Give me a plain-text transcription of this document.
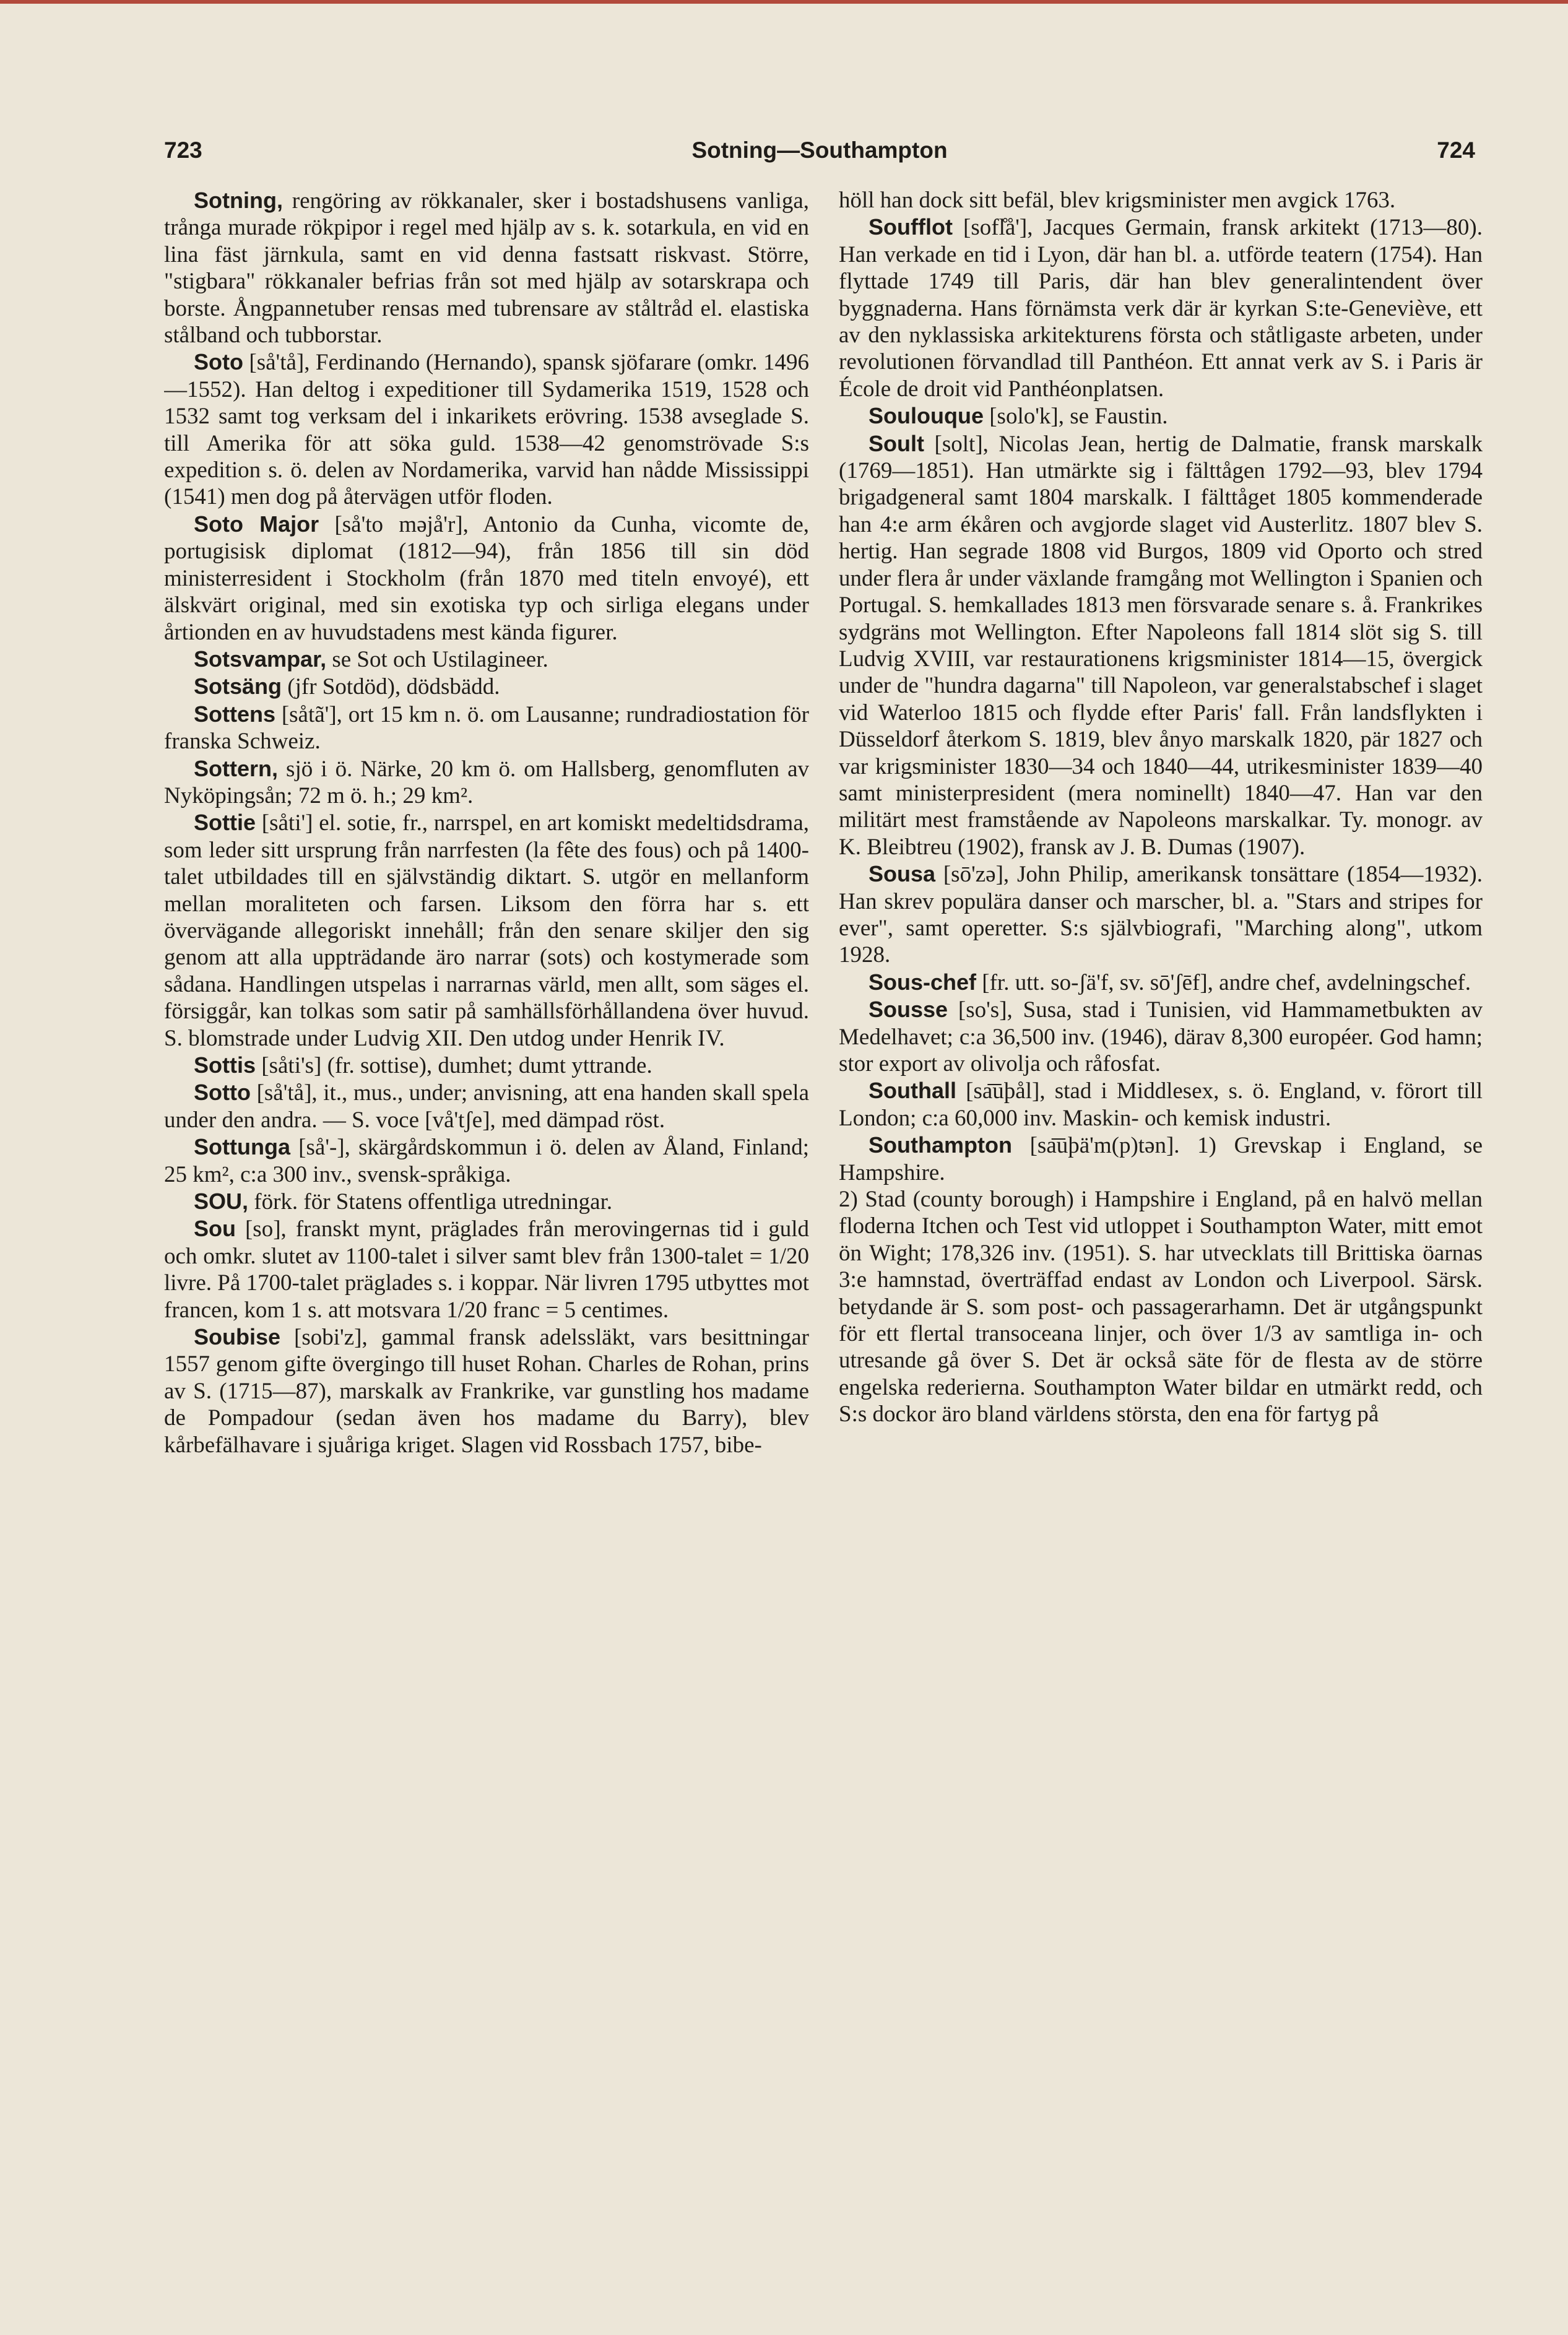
723	Sotning—Southampton	724

Sotning, rengöring av rökkanaler, sker i bostadshusens vanliga, trånga murade rökpipor i regel med hjälp av s. k. sotarkula, en vid en lina fäst järnkula, samt en vid denna fastsatt riskvast. Större, "stigbara" rökkanaler befrias från sot med hjälp av sotarskrapa och borste. Ångpannetuber rensas med tubrensare av ståltråd el. elastiska stålband och tubborstar.

Soto [så'tå], Ferdinando (Hernando), spansk sjöfarare (omkr. 1496—1552). Han deltog i expeditioner till Sydamerika 1519, 1528 och 1532 samt tog verksam del i inkarikets erövring. 1538 avseglade S. till Amerika för att söka guld. 1538—42 genomströvade S:s expedition s. ö. delen av Nordamerika, varvid han nådde Mississippi (1541) men dog på återvägen utför floden.

Soto Major [så'to məjå'r], Antonio da Cunha, vicomte de, portugisisk diplomat (1812—94), från 1856 till sin död ministerresident i Stockholm (från 1870 med titeln envoyé), ett älskvärt original, med sin exotiska typ och sirliga elegans under årtionden en av huvudstadens mest kända figurer.

Sotsvampar, se Sot och Ustilagineer.

Sotsäng (jfr Sotdöd), dödsbädd.

Sottens [såtã'], ort 15 km n. ö. om Lausanne; rundradiostation för franska Schweiz.

Sottern, sjö i ö. Närke, 20 km ö. om Hallsberg, genomfluten av Nyköpingsån; 72 m ö. h.; 29 km².

Sottie [såti'] el. sotie, fr., narrspel, en art komiskt medeltidsdrama, som leder sitt ursprung från narrfesten (la fête des fous) och på 1400-talet utbildades till en självständig diktart. S. utgör en mellanform mellan moraliteten och farsen. Liksom den förra har s. ett övervägande allegoriskt innehåll; från den senare skiljer den sig genom att alla uppträdande äro narrar (sots) och kostymerade som sådana. Handlingen utspelas i narrarnas värld, men allt, som säges el. försiggår, kan tolkas som satir på samhällsförhållandena över huvud. S. blomstrade under Ludvig XII. Den utdog under Henrik IV.

Sottis [såti's] (fr. sottise), dumhet; dumt yttrande.

Sotto [så'tå], it., mus., under; anvisning, att ena handen skall spela under den andra. — S. voce [vå'tʃe], med dämpad röst.

Sottunga [så'-], skärgårdskommun i ö. delen av Åland, Finland; 25 km², c:a 300 inv., svensk-språkiga.

SOU, förk. för Statens offentliga utredningar.

Sou [so], franskt mynt, präglades från merovingernas tid i guld och omkr. slutet av 1100-talet i silver samt blev från 1300-talet = 1/20 livre. På 1700-talet präglades s. i koppar. När livren 1795 utbyttes mot francen, kom 1 s. att motsvara 1/20 franc = 5 centimes.

Soubise [sobi'z], gammal fransk adelssläkt, vars besittningar 1557 genom gifte övergingo till huset Rohan. Charles de Rohan, prins av S. (1715—87), marskalk av Frankrike, var gunstling hos madame de Pompadour (sedan även hos madame du Barry), blev kårbefälhavare i sjuåriga kriget. Slagen vid Rossbach 1757, bibe-

höll han dock sitt befäl, blev krigsminister men avgick 1763.

Soufflot [sofl̊å'], Jacques Germain, fransk arkitekt (1713—80). Han verkade en tid i Lyon, där han bl. a. utförde teatern (1754). Han flyttade 1749 till Paris, där han blev generalintendent över byggnaderna. Hans förnämsta verk där är kyrkan S:te-Geneviève, ett av den nyklassiska arkitekturens första och ståtligaste arbeten, under revolutionen förvandlad till Panthéon. Ett annat verk av S. i Paris är École de droit vid Panthéonplatsen.

Soulouque [solo'k], se Faustin.

Soult [solt], Nicolas Jean, hertig de Dalmatie, fransk marskalk (1769—1851). Han utmärkte sig i fälttågen 1792—93, blev 1794 brigadgeneral samt 1804 marskalk. I fälttåget 1805 kommenderade han 4:e arm ékåren och avgjorde slaget vid Austerlitz. 1807 blev S. hertig. Han segrade 1808 vid Burgos, 1809 vid Oporto och stred under flera år under växlande framgång mot Wellington i Spanien och Portugal. S. hemkallades 1813 men försvarade senare s. å. Frankrikes sydgräns mot Wellington. Efter Napoleons fall 1814 slöt sig S. till Ludvig XVIII, var restaurationens krigsminister 1814—15, övergick under de "hundra dagarna" till Napoleon, var generalstabschef i slaget vid Waterloo 1815 och flydde efter Paris' fall. Från landsflykten i Düsseldorf återkom S. 1819, blev ånyo marskalk 1820, pär 1827 och var krigsminister 1830—34 och 1840—44, utrikesminister 1839—40 samt ministerpresident (mera nominellt) 1840—47. Han var den militärt mest framstående av Napoleons marskalkar. Ty. monogr. av K. Bleibtreu (1902), fransk av J. B. Dumas (1907).

Sousa [sō'zə], John Philip, amerikansk tonsättare (1854—1932). Han skrev populära danser och marscher, bl. a. "Stars and stripes for ever", samt operetter. S:s självbiografi, "Marching along", utkom 1928.

Sous-chef [fr. utt. so-ʃä'f, sv. sō'ʃēf], andre chef, avdelningschef.

Sousse [so's], Susa, stad i Tunisien, vid Hammametbukten av Medelhavet; c:a 36,500 inv. (1946), därav 8,300 européer. God hamn; stor export av olivolja och råfosfat.

Southall [sa͞uþål], stad i Middlesex, s. ö. England, v. förort till London; c:a 60,000 inv. Maskin- och kemisk industri.

Southampton [sa͞uþä'm(p)tən]. 1) Grevskap i England, se Hampshire.

2) Stad (county borough) i Hampshire i England, på en halvö mellan floderna Itchen och Test vid utloppet i Southampton Water, mitt emot ön Wight; 178,326 inv. (1951). S. har utvecklats till Brittiska öarnas 3:e hamnstad, överträffad endast av London och Liverpool. Särsk. betydande är S. som post- och passagerarhamn. Det är utgångspunkt för ett flertal transoceana linjer, och över 1/3 av samtliga in- och utresande gå över S. Det är också säte för de flesta av de större engelska rederierna. Southampton Water bildar en utmärkt redd, och S:s dockor äro bland världens största, den ena för fartyg på
